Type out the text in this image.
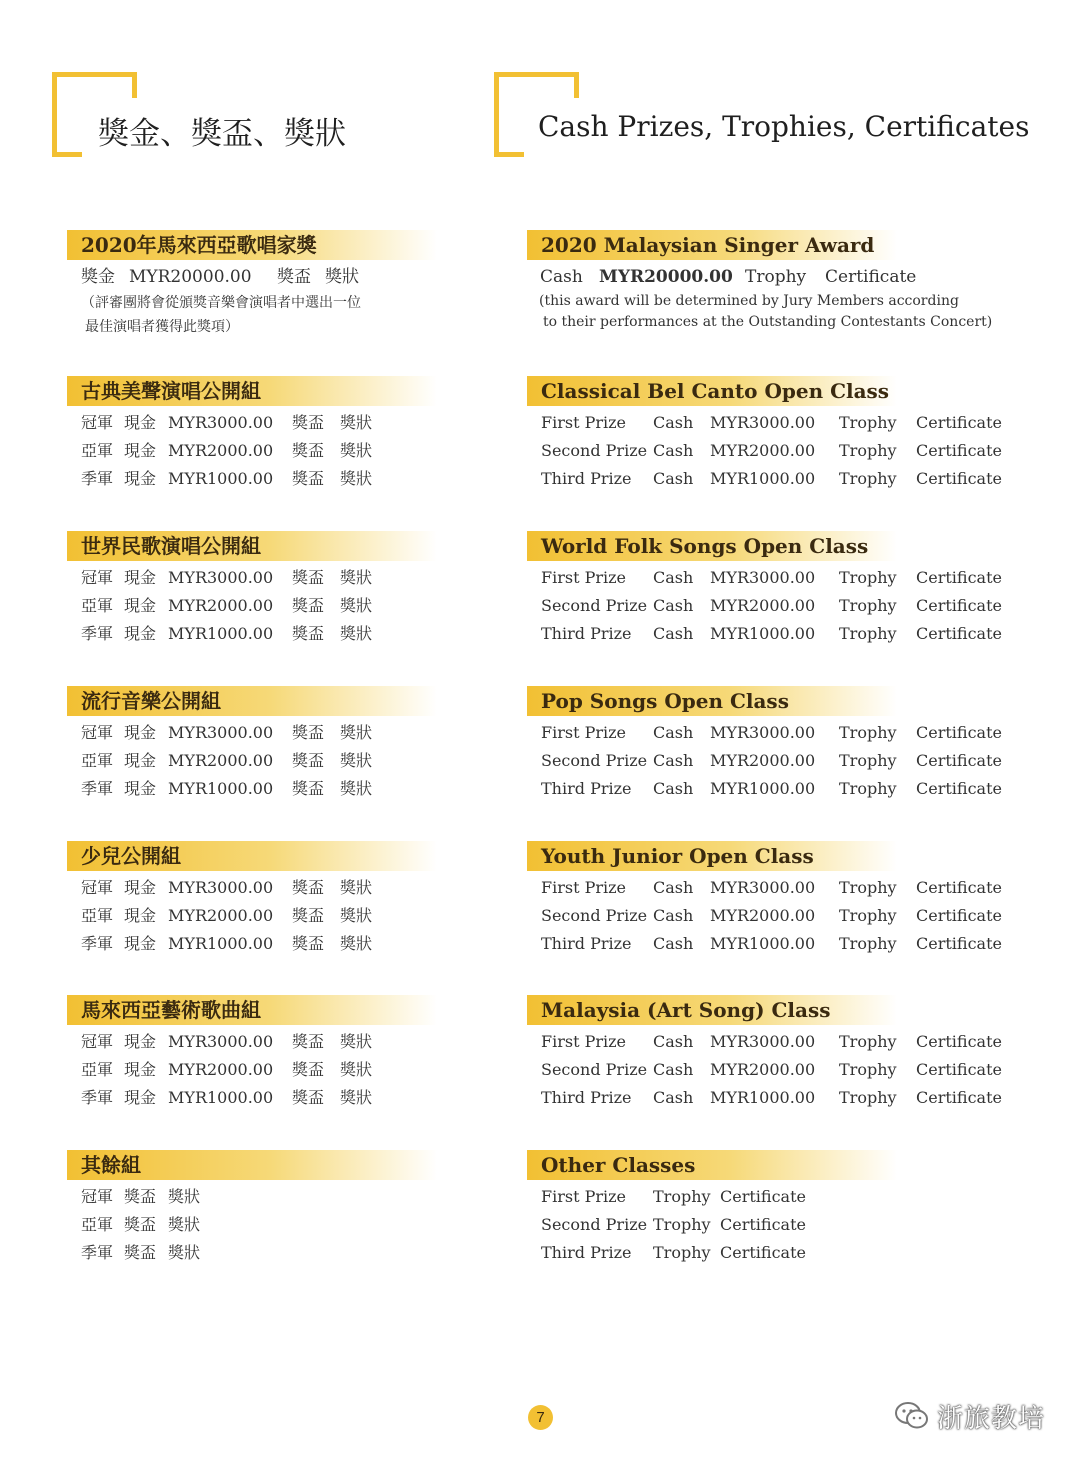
獎金、獎盃、獎狀	Cash Prizes, Trophies, Certificates
2020年馬來西亞歌唱家獎
獎金 MYR20000.00 獎盃 獎狀
（評審團將會從頒獎音樂會演唱者中選出一位
最佳演唱者獲得此獎項）
古典美聲演唱公開組
冠軍 現金 MYR3000.00 獎盃 獎狀
亞軍 現金 MYR2000.00 獎盃 獎狀
季軍 現金 MYR1000.00 獎盃 獎狀
世界民歌演唱公開組
冠軍 現金 MYR3000.00 獎盃 獎狀
亞軍 現金 MYR2000.00 獎盃 獎狀
季軍 現金 MYR1000.00 獎盃 獎狀
流行音樂公開組
冠軍 現金 MYR3000.00 獎盃 獎狀
亞軍 現金 MYR2000.00 獎盃 獎狀
季軍 現金 MYR1000.00 獎盃 獎狀
少兒公開組
冠軍 現金 MYR3000.00 獎盃 獎狀
亞軍 現金 MYR2000.00 獎盃 獎狀
季軍 現金 MYR1000.00 獎盃 獎狀
馬來西亞藝術歌曲組
冠軍 現金 MYR3000.00 獎盃 獎狀
亞軍 現金 MYR2000.00 獎盃 獎狀
季軍 現金 MYR1000.00 獎盃 獎狀
其餘組
冠軍 獎盃 獎狀
亞軍 獎盃 獎狀
季軍 獎盃 獎狀
2020 Malaysian Singer Award
Cash MYR20000.00 Trophy Certificate
(this award will be determined by Jury Members according
to their performances at the Outstanding Contestants Concert)
Classical Bel Canto Open Class
First Prize Cash MYR3000.00 Trophy Certificate
Second Prize Cash MYR2000.00 Trophy Certificate
Third Prize Cash MYR1000.00 Trophy Certificate
World Folk Songs Open Class
First Prize Cash MYR3000.00 Trophy Certificate
Second Prize Cash MYR2000.00 Trophy Certificate
Third Prize Cash MYR1000.00 Trophy Certificate
Pop Songs Open Class
First Prize Cash MYR3000.00 Trophy Certificate
Second Prize Cash MYR2000.00 Trophy Certificate
Third Prize Cash MYR1000.00 Trophy Certificate
Youth Junior Open Class
First Prize Cash MYR3000.00 Trophy Certificate
Second Prize Cash MYR2000.00 Trophy Certificate
Third Prize Cash MYR1000.00 Trophy Certificate
Malaysia (Art Song) Class
First Prize Cash MYR3000.00 Trophy Certificate
Second Prize Cash MYR2000.00 Trophy Certificate
Third Prize Cash MYR1000.00 Trophy Certificate
Other Classes
First Prize Trophy Certificate
Second Prize Trophy Certificate
Third Prize Trophy Certificate
7	浙旅教培
